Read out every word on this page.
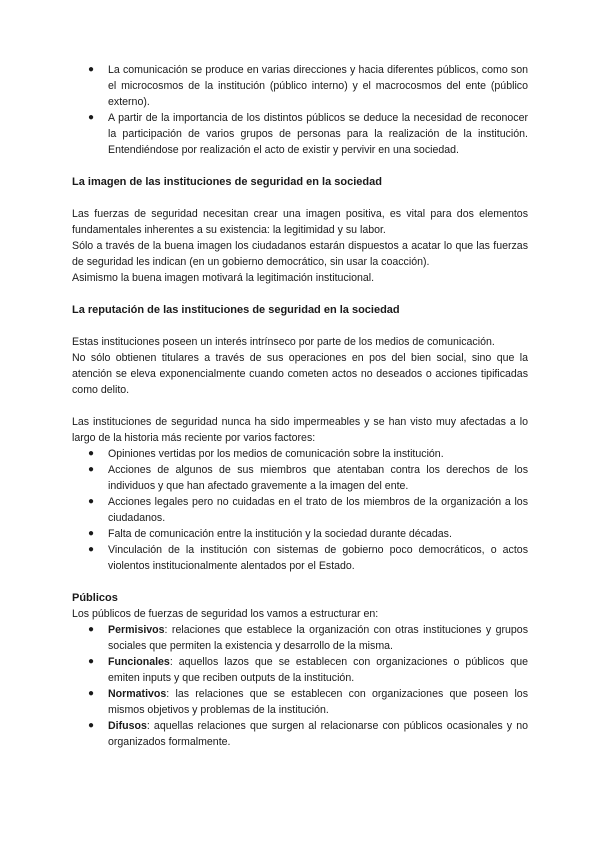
● La comunicación se produce en varias direcciones y hacia diferentes públicos, como son el microcosmos de la institución (público interno) y el macrocosmos del ente (público externo).
● A partir de la importancia de los distintos públicos se deduce la necesidad de reconocer la participación de varios grupos de personas para la realización de la institución. Entendiéndose por realización el acto de existir y pervivir en una sociedad.
La imagen de las instituciones de seguridad en la sociedad

Las fuerzas de seguridad necesitan crear una imagen positiva, es vital para dos elementos fundamentales inherentes a su existencia: la legitimidad y su labor.

Sólo a través de la buena imagen los ciudadanos estarán dispuestos a acatar lo que las fuerzas de seguridad les indican (en un gobierno democrático, sin usar la coacción).

Asimismo la buena imagen motivará la legitimación institucional.

La reputación de las instituciones de seguridad en la sociedad

Estas instituciones poseen un interés intrínseco por parte de los medios de comunicación.

No sólo obtienen titulares a través de sus operaciones en pos del bien social, sino que la atención se eleva exponencialmente cuando cometen actos no deseados o acciones tipificadas como delito.

Las instituciones de seguridad nunca ha sido impermeables y se han visto muy afectadas a lo largo de la historia más reciente por varios factores:

● Opiniones vertidas por los medios de comunicación sobre la institución.
● Acciones de algunos de sus miembros que atentaban contra los derechos de los individuos y que han afectado gravemente a la imagen del ente.
● Acciones legales pero no cuidadas en el trato de los miembros de la organización a los ciudadanos.
● Falta de comunicación entre la institución y la sociedad durante décadas.
● Vinculación de la institución con sistemas de gobierno poco democráticos, o actos violentos institucionalmente alentados por el Estado.
Públicos

Los públicos de fuerzas de seguridad los vamos a estructurar en:

● Permisivos: relaciones que establece la organización con otras instituciones y grupos sociales que permiten la existencia y desarrollo de la misma.
● Funcionales: aquellos lazos que se establecen con organizaciones o públicos que emiten inputs y que reciben outputs de la institución.
● Normativos: las relaciones que se establecen con organizaciones que poseen los mismos objetivos y problemas de la institución.
● Difusos: aquellas relaciones que surgen al relacionarse con públicos ocasionales y no organizados formalmente.
